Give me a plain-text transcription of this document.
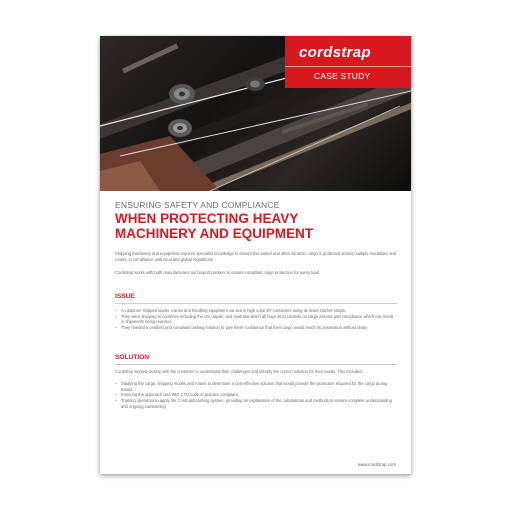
cordstrap
CASE STUDY
ENSURING SAFETY AND COMPLIANCE
WHEN PROTECTING HEAVY
MACHINERY AND EQUIPMENT
Shipping machinery and equipment requires specialist knowledge to ensure this varied and often dynamic cargo is protected across multiple modalities and routes, in compliance with local and global regulations.
Cordstrap works with both manufacturers and export packers to ensure compliant cargo protection for every load.
ISSUE
– A customer shipped loader cranes and handling equipment via sea in high cube 40' containers using tie down ratchet straps.
– They were shipping to countries including the US, Japan, and Australia which all have strict controls on cargo arrivals and compliance which can result in shipments being rejected.
– They needed a certified and compliant lashing solution to give them confidence that their cargo would reach its destination without delay.
SOLUTION
Cordstrap worked closely with the customer to understand their challenges and identify the correct solution for their needs. This included:
– Studying the cargo, shipping modes and routes to determine a cost-effective solution that would provide the protection required for the cargo during transit.
– Ensuring the approach was IMO CTU code of practice compliant.
– Training operators to apply the CordLash lashing system, providing an explanation of the calculations and methods to ensure complete understanding and ongoing consistency.
www.cordstrap.com
